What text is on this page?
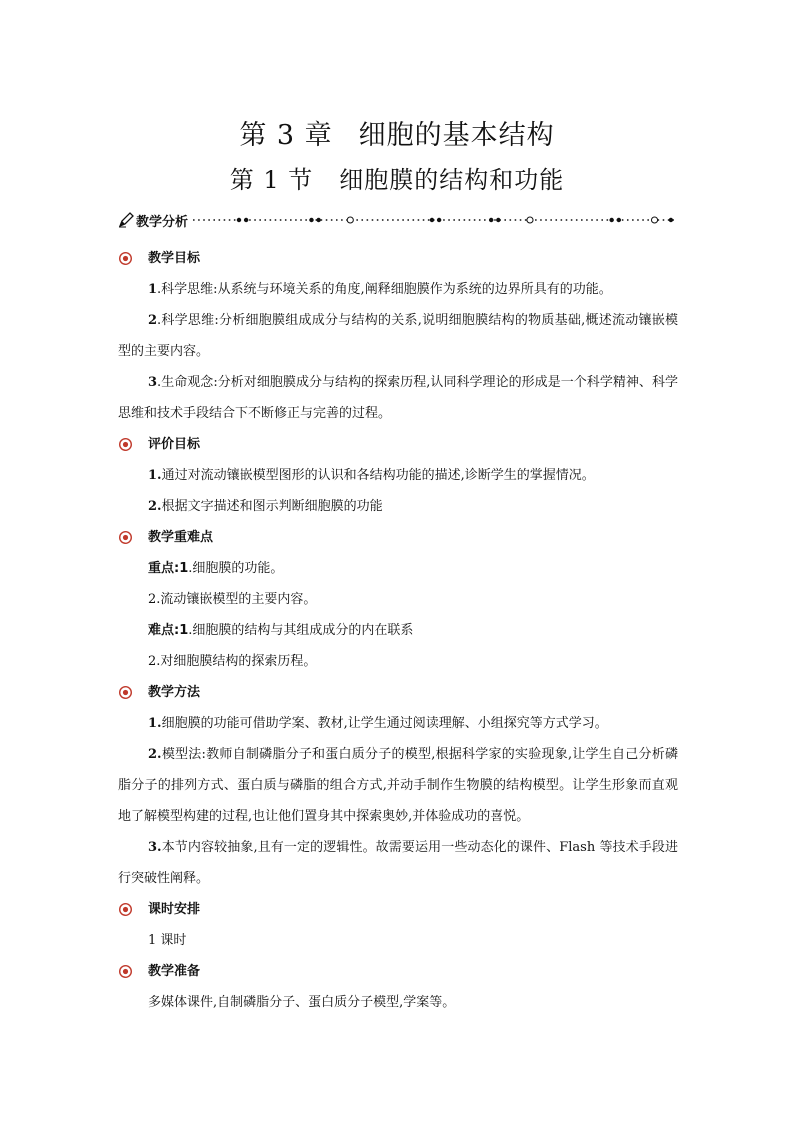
第 3 章 细胞的基本结构
第 1 节 细胞膜的结构和功能
教学分析
教学目标

1.科学思维:从系统与环境关系的角度,阐释细胞膜作为系统的边界所具有的功能。

2.科学思维:分析细胞膜组成成分与结构的关系,说明细胞膜结构的物质基础,概述流动镶嵌模型的主要内容。

3.生命观念:分析对细胞膜成分与结构的探索历程,认同科学理论的形成是一个科学精神、科学思维和技术手段结合下不断修正与完善的过程。

评价目标

1.通过对流动镶嵌模型图形的认识和各结构功能的描述,诊断学生的掌握情况。

2.根据文字描述和图示判断细胞膜的功能

教学重难点

重点:1.细胞膜的功能。

2.流动镶嵌模型的主要内容。

难点:1.细胞膜的结构与其组成成分的内在联系

2.对细胞膜结构的探索历程。

教学方法

1.细胞膜的功能可借助学案、教材,让学生通过阅读理解、小组探究等方式学习。

2.模型法:教师自制磷脂分子和蛋白质分子的模型,根据科学家的实验现象,让学生自己分析磷脂分子的排列方式、蛋白质与磷脂的组合方式,并动手制作生物膜的结构模型。让学生形象而直观地了解模型构建的过程,也让他们置身其中探索奥妙,并体验成功的喜悦。

3.本节内容较抽象,且有一定的逻辑性。故需要运用一些动态化的课件、Flash 等技术手段进行突破性阐释。

课时安排

1 课时

教学准备

多媒体课件,自制磷脂分子、蛋白质分子模型,学案等。
